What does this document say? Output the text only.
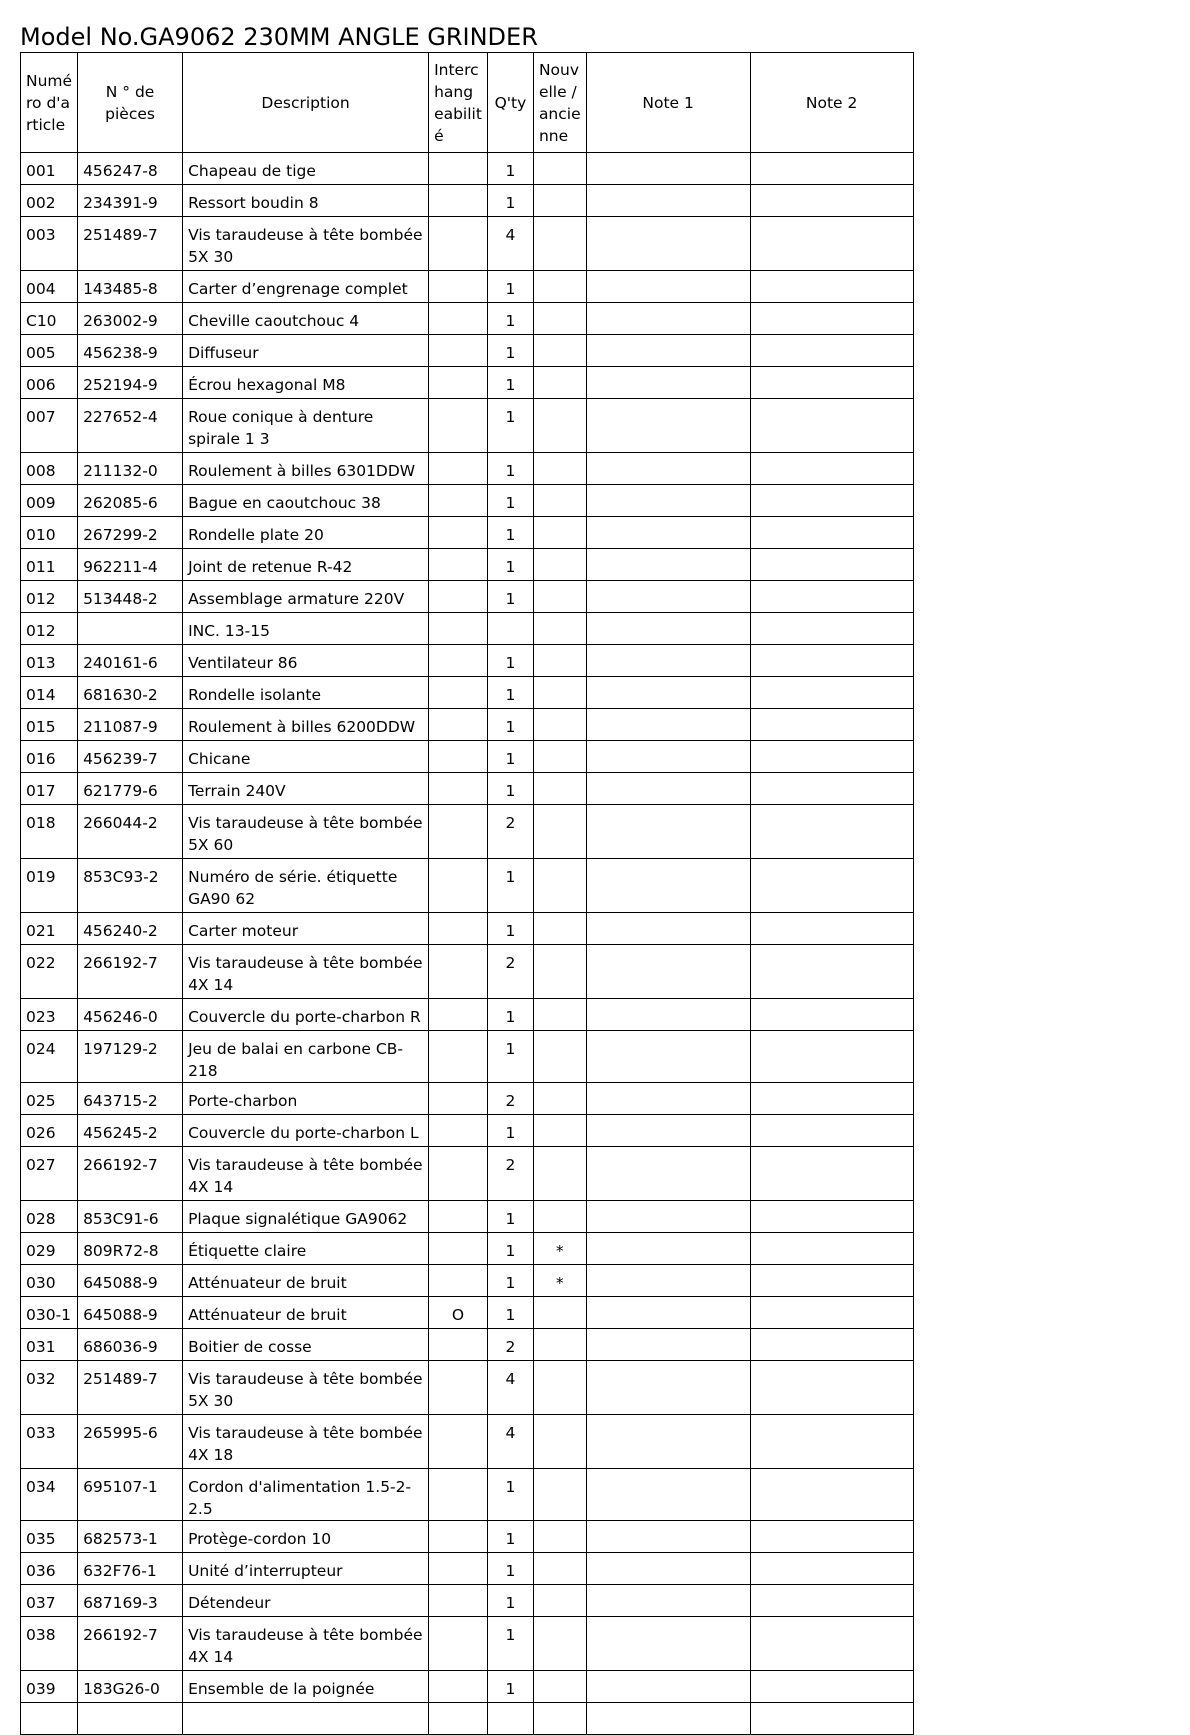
Model No.GA9062 230MM ANGLE GRINDER
Numé
ro d'a
rticle	N ° de pièces	Description	Interc
hang
eabilit
é	Q'ty	Nouv
elle /
ancie
nne	Note 1	Note 2
001	456247-8	Chapeau de tige		1			
002	234391-9	Ressort boudin 8		1			
003	251489-7	Vis taraudeuse à tête bombée 5X 30		4			
004	143485-8	Carter d’engrenage complet		1			
C10	263002-9	Cheville caoutchouc 4		1			
005	456238-9	Diffuseur		1			
006	252194-9	Écrou hexagonal M8		1			
007	227652-4	Roue conique à denture spirale 1 3		1			
008	211132-0	Roulement à billes 6301DDW		1			
009	262085-6	Bague en caoutchouc 38		1			
010	267299-2	Rondelle plate 20		1			
011	962211-4	Joint de retenue R-42		1			
012	513448-2	Assemblage armature 220V		1			
012		INC. 13-15					
013	240161-6	Ventilateur 86		1			
014	681630-2	Rondelle isolante		1			
015	211087-9	Roulement à billes 6200DDW		1			
016	456239-7	Chicane		1			
017	621779-6	Terrain 240V		1			
018	266044-2	Vis taraudeuse à tête bombée 5X 60		2			
019	853C93-2	Numéro de série. étiquette GA90 62		1			
021	456240-2	Carter moteur		1			
022	266192-7	Vis taraudeuse à tête bombée 4X 14		2			
023	456246-0	Couvercle du porte-charbon R		1			
024	197129-2	Jeu de balai en carbone CB-218		1			
025	643715-2	Porte-charbon		2			
026	456245-2	Couvercle du porte-charbon L		1			
027	266192-7	Vis taraudeuse à tête bombée 4X 14		2			
028	853C91-6	Plaque signalétique GA9062		1			
029	809R72-8	Étiquette claire		1	*		
030	645088-9	Atténuateur de bruit		1	*		
030-1	645088-9	Atténuateur de bruit	O	1			
031	686036-9	Boitier de cosse		2			
032	251489-7	Vis taraudeuse à tête bombée 5X 30		4			
033	265995-6	Vis taraudeuse à tête bombée 4X 18		4			
034	695107-1	Cordon d'alimentation 1.5-2-2.5		1			
035	682573-1	Protège-cordon 10		1			
036	632F76-1	Unité d’interrupteur		1			
037	687169-3	Détendeur		1			
038	266192-7	Vis taraudeuse à tête bombée 4X 14		1			
039	183G26-0	Ensemble de la poignée		1			
